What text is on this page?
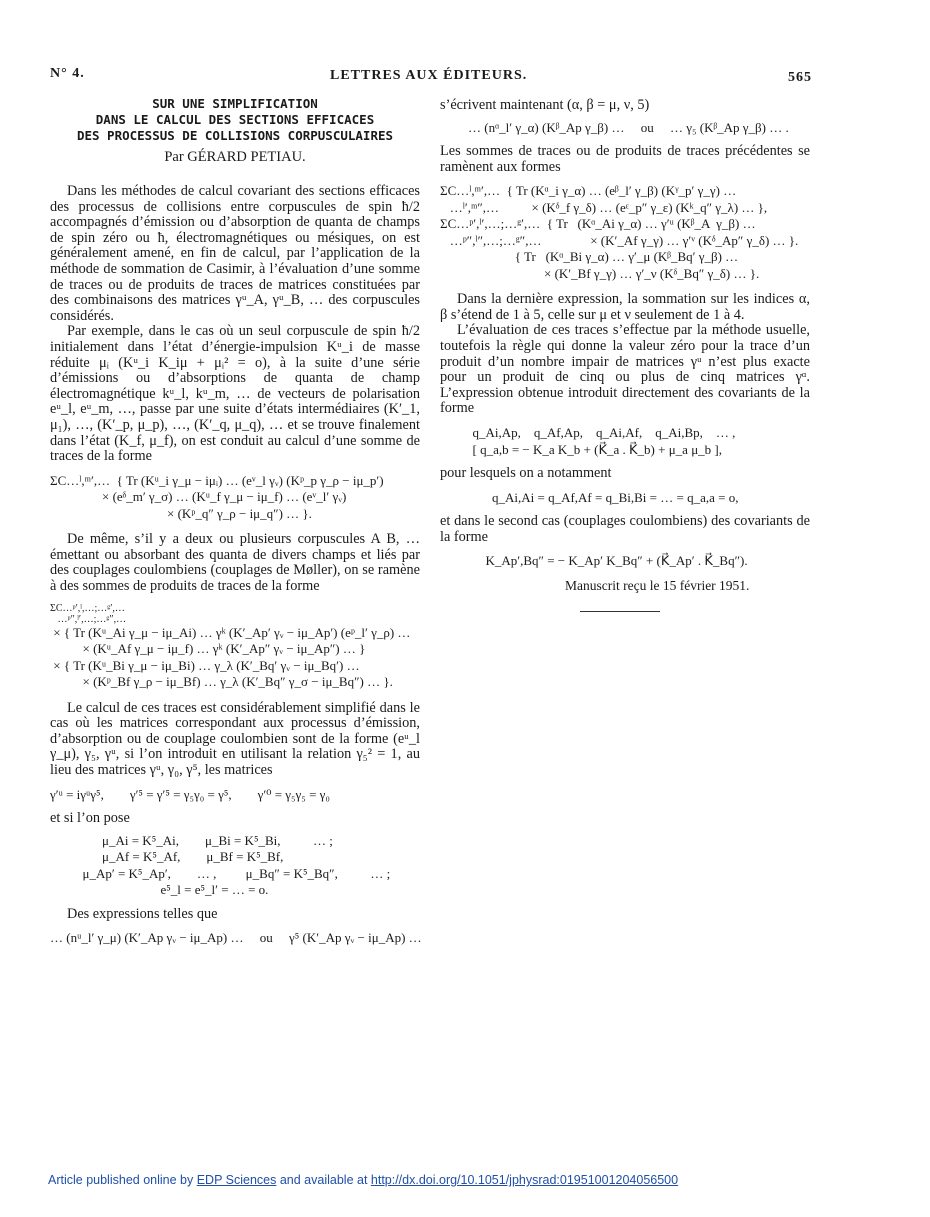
N° 4.	LETTRES AUX ÉDITEURS.	565
SUR UNE SIMPLIFICATION
DANS LE CALCUL DES SECTIONS EFFICACES
DES PROCESSUS DE COLLISIONS CORPUSCULAIRES
Par GÉRARD PETIAU.

Dans les méthodes de calcul covariant des sections efficaces des processus de collisions entre corpuscules de spin ħ/2 accompagnés d’émission ou d’absorption de quanta de champs de spin zéro ou ħ, électromagnétiques ou mésiques, on est généralement amené, en fin de calcul, par l’application de la méthode de sommation de Casimir, à l’évaluation d’une somme de traces ou de produits de traces de matrices constituées par des combinaisons des matrices γᵘ_A, γᵘ_B, … des corpuscules considérés.

Par exemple, dans le cas où un seul corpuscule de spin ħ/2 initialement dans l’état d’énergie-impulsion Kᵘ_i de masse réduite μᵢ (Kᵘ_i K_iμ + μᵢ² = o), à la suite d’une série d’émissions ou d’absorptions de quanta de champ électromagnétique kᵘ_l, kᵘ_m, … de vecteurs de polarisation eᵘ_l, eᵘ_m, …, passe par une suite d’états intermédiaires (K′_1, μ₁), …, (K′_p, μ_p), …, (K′_q, μ_q), … et se trouve finalement dans l’état (K_f, μ_f), on est conduit au calcul d’une somme de traces de la forme

ΣC…ˡ,ᵐ′,…  { Tr (Kᵘ_i γ_μ − iμᵢ) … (eᵛ_l γᵥ) (Kᵖ_p γ_ρ − iμ_p′)
× (eᵟ_m′ γ_σ) … (Kᵘ_f γ_μ − iμ_f) … (eᵛ_l′ γᵥ)
× (Kᵖ_q″ γ_ρ − iμ_q″) … }.

De même, s’il y a deux ou plusieurs corpuscules A B, … émettant ou absorbant des quanta de divers champs et liés par des couplages coulombiens (couplages de Møller), on se ramène à des sommes de produits de traces de la forme

ΣC…ᵖ′,ˡ,…;…ᵍ′,…
…ᵖ″,ˡ′,…;…ᵍ″,…
× { Tr (Kᵘ_Ai γ_μ − iμ_Ai) … γᵏ (K′_Ap′ γᵥ − iμ_Ap′) (eᵖ_l′ γ_ρ) …
× (Kᵘ_Af γ_μ − iμ_f) … γᵏ (K′_Ap″ γᵥ − iμ_Ap″) … }
× { Tr (Kᵘ_Bi γ_μ − iμ_Bi) … γ_λ (K′_Bq′ γᵥ − iμ_Bq′) …
× (Kᵖ_Bf γ_ρ − iμ_Bf) … γ_λ (K′_Bq″ γ_σ − iμ_Bq″) … }.

Le calcul de ces traces est considérablement simplifié dans le cas où les matrices correspondant aux processus d’émission, d’absorption ou de couplage coulombien sont de la forme (eᵘ_l γ_μ), γ₅, γᵘ, si l’on introduit en utilisant la relation γ₅² = 1, au lieu des matrices γᵘ, γ₀, γ⁵, les matrices

γ′ᵘ = iγᵘγ⁵,        γ′⁵ = γ′⁵ = γ₅γ₀ = γ⁵,        γ′⁰ = γ₅γ₅ = γ₀

et si l’on pose

μ_Ai = K⁵_Ai,        μ_Bi = K⁵_Bi,          … ;
μ_Af = K⁵_Af,        μ_Bf = K⁵_Bf,
μ_Ap′ = K⁵_Ap′,        … ,         μ_Bq″ = K⁵_Bq″,          … ;
e⁵_l = e⁵_l′ = … = o.

Des expressions telles que

… (nᵘ_l′ γ_μ) (K′_Ap γᵥ − iμ_Ap) …     ou     γ⁵ (K′_Ap γᵥ − iμ_Ap) …

s’écrivent maintenant (α, β = μ, ν, 5)

… (nᵅ_l′ γ_α) (Kᵝ_Ap γ_β) …     ou     … γ₅ (Kᵝ_Ap γ_β) … .

Les sommes de traces ou de produits de traces précédentes se ramènent aux formes

ΣC…ˡ,ᵐ′,…  { Tr (Kᵅ_i γ_α) … (eᵝ_l′ γ_β) (Kᵞ_p′ γ_γ) …
…ˡ′,ᵐ″,…          × (Kᵟ_f γ_δ) … (eᵋ_p″ γ_ε) (Kᵏ_q″ γ_λ) … },
ΣC…ᵖ′,ˡ′,…;…ᵍ′,…  { Tr   (Kᵅ_Ai γ_α) … γ′ᵘ (Kᵝ_A  γ_β) …
…ᵖ″,ˡ″,…;…ᵍ″,…               × (K′_Af γ_γ) … γ′ᵛ (Kᵟ_Ap″ γ_δ) … }.
{ Tr   (Kᵅ_Bi γ_α) … γ′_μ (Kᵝ_Bq′ γ_β) …
× (K′_Bf γ_γ) … γ′_ν (Kᵟ_Bq″ γ_δ) … }.

Dans la dernière expression, la sommation sur les indices α, β s’étend de 1 à 5, celle sur μ et ν seulement de 1 à 4.

L’évaluation de ces traces s’effectue par la méthode usuelle, toutefois la règle qui donne la valeur zéro pour la trace d’un produit d’un nombre impair de matrices γᵘ n’est plus exacte pour un produit de cinq ou plus de cinq matrices γᵅ. L’expression obtenue introduit directement des covariants de la forme

q_Ai,Ap,    q_Af,Ap,    q_Ai,Af,    q_Ai,Bp,    … ,
[ q_a,b = − K_a K_b + (K⃗_a . K⃗_b) + μ_a μ_b ],

pour lesquels on a notamment

q_Ai,Ai = q_Af,Af = q_Bi,Bi = … = q_a,a = o,

et dans le second cas (couplages coulombiens) des covariants de la forme

K_Ap′,Bq″ = − K_Ap′ K_Bq″ + (K⃗_Ap′ . K⃗_Bq″).
Manuscrit reçu le 15 février 1951.
Article published online by EDP Sciences and available at http://dx.doi.org/10.1051/jphysrad:01951001204056500
